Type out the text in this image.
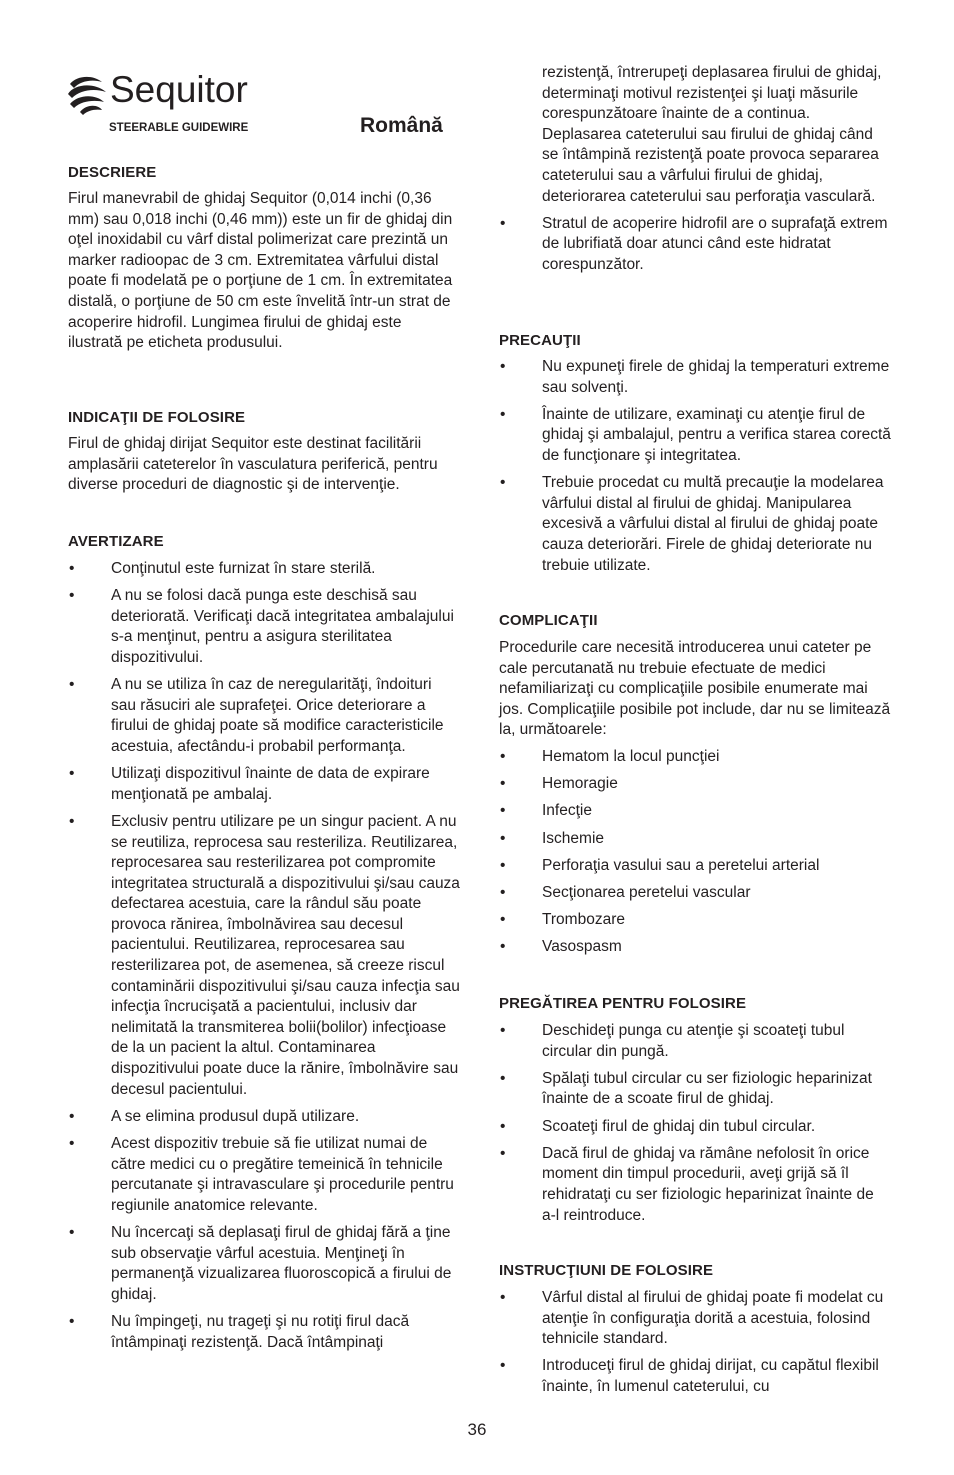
Sequitor
STEERABLE GUIDEWIRE	Română
DESCRIERE

Firul manevrabil de ghidaj Sequitor (0,014 inchi (0,36 mm) sau 0,018 inchi (0,46 mm)) este un fir de ghidaj din oţel inoxidabil cu vârf distal polimerizat care prezintă un marker radioopac de 3 cm. Extremitatea vârfului distal poate fi modelată pe o porţiune de 1 cm. În extremitatea distală, o porţiune de 50 cm este învelită într-un strat de acoperire hidrofil. Lungimea firului de ghidaj este ilustrată pe eticheta produsului.

INDICAŢII DE FOLOSIRE

Firul de ghidaj dirijat Sequitor este destinat facilitării amplasării cateterelor în vasculatura periferică, pentru diverse proceduri de diagnostic şi de intervenţie.

AVERTIZARE
• Conţinutul este furnizat în stare sterilă.
• A nu se folosi dacă punga este deschisă sau deteriorată. Verificaţi dacă integritatea ambalajului s-a menţinut, pentru a asigura sterilitatea dispozitivului.
• A nu se utiliza în caz de neregularităţi, îndoituri sau răsuciri ale suprafeţei. Orice deteriorare a firului de ghidaj poate să modifice caracteristicile acestuia, afectându-i probabil performanţa.
• Utilizaţi dispozitivul înainte de data de expirare menţionată pe ambalaj.
• Exclusiv pentru utilizare pe un singur pacient. A nu se reutiliza, reprocesa sau resteriliza. Reutilizarea, reprocesarea sau resterilizarea pot compromite integritatea structurală a dispozitivului şi/sau cauza defectarea acestuia, care la rândul său poate provoca rănirea, îmbolnăvirea sau decesul pacientului. Reutilizarea, reprocesarea sau resterilizarea pot, de asemenea, să creeze riscul contaminării dispozitivului şi/sau cauza infecţia sau infecţia încrucişată a pacientului, inclusiv dar nelimitată la transmiterea bolii(bolilor) infecţioase de la un pacient la altul. Contaminarea dispozitivului poate duce la rănire, îmbolnăvire sau decesul pacientului.
• A se elimina produsul după utilizare.
• Acest dispozitiv trebuie să fie utilizat numai de către medici cu o pregătire temeinică în tehnicile percutanate şi intravasculare şi procedurile pentru regiunile anatomice relevante.
• Nu încercaţi să deplasaţi firul de ghidaj fără a ţine sub observaţie vârful acestuia. Menţineţi în permanenţă vizualizarea fluoroscopică a firului de ghidaj.
• Nu împingeţi, nu trageţi şi nu rotiţi firul dacă întâmpinaţi rezistenţă. Dacă întâmpinaţi
rezistenţă, întrerupeţi deplasarea firului de ghidaj, determinaţi motivul rezistenţei şi luaţi măsurile corespunzătoare înainte de a continua. Deplasarea cateterului sau firului de ghidaj când se întâmpină rezistenţă poate provoca separarea cateterului sau a vârfului firului de ghidaj, deteriorarea cateterului sau perforaţia vasculară.
• Stratul de acoperire hidrofil are o suprafaţă extrem de lubrifiată doar atunci când este hidratat corespunzător.
PRECAUŢII
• Nu expuneţi firele de ghidaj la temperaturi extreme sau solvenţi.
• Înainte de utilizare, examinaţi cu atenţie firul de ghidaj şi ambalajul, pentru a verifica starea corectă de funcţionare şi integritatea.
• Trebuie procedat cu multă precauţie la modelarea vârfului distal al firului de ghidaj. Manipularea excesivă a vârfului distal al firului de ghidaj poate cauza deteriorări. Firele de ghidaj deteriorate nu trebuie utilizate.
COMPLICAŢII

Procedurile care necesită introducerea unui cateter pe cale percutanată nu trebuie efectuate de medici nefamiliarizaţi cu complicaţiile posibile enumerate mai jos. Complicaţiile posibile pot include, dar nu se limitează la, următoarele:

• Hematom la locul puncţiei
• Hemoragie
• Infecţie
• Ischemie
• Perforaţia vasului sau a peretelui arterial
• Secţionarea peretelui vascular
• Trombozare
• Vasospasm
PREGĂTIREA PENTRU FOLOSIRE
• Deschideţi punga cu atenţie şi scoateţi tubul circular din pungă.
• Spălaţi tubul circular cu ser fiziologic heparinizat înainte de a scoate firul de ghidaj.
• Scoateţi firul de ghidaj din tubul circular.
• Dacă firul de ghidaj va rămâne nefolosit în orice moment din timpul procedurii, aveţi grijă să îl rehidrataţi cu ser fiziologic heparinizat înainte de a-l reintroduce.
INSTRUCŢIUNI DE FOLOSIRE
• Vârful distal al firului de ghidaj poate fi modelat cu atenţie în configuraţia dorită a acestuia, folosind tehnicile standard.
• Introduceţi firul de ghidaj dirijat, cu capătul flexibil înainte, în lumenul cateterului, cu
36
